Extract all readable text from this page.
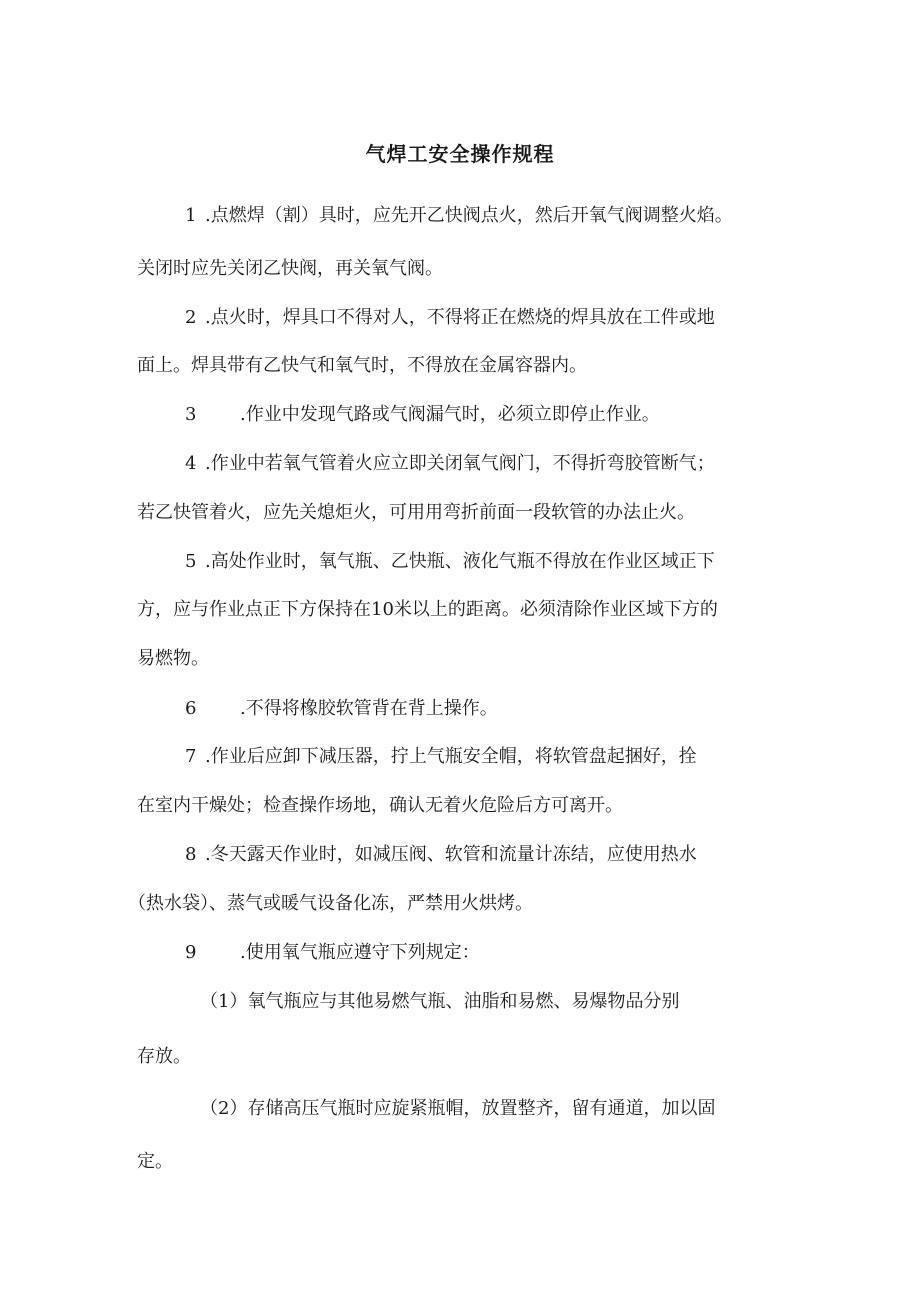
气焊工安全操作规程
1 .点燃焊（割）具时，应先开乙快阀点火，然后开氧气阀调整火焰。
关闭时应先关闭乙快阀，再关氧气阀。
2 .点火时，焊具口不得对人，不得将正在燃烧的焊具放在工件或地
面上。焊具带有乙快气和氧气时，不得放在金属容器内。
3 .作业中发现气路或气阀漏气时，必须立即停止作业。
4 .作业中若氧气管着火应立即关闭氧气阀门，不得折弯胶管断气；
若乙快管着火，应先关熄炬火，可用用弯折前面一段软管的办法止火。
5 .高处作业时，氧气瓶、乙快瓶、液化气瓶不得放在作业区域正下
方，应与作业点正下方保持在10米以上的距离。必须清除作业区域下方的
易燃物。
6 .不得将橡胶软管背在背上操作。
7 .作业后应卸下减压器，拧上气瓶安全帽，将软管盘起捆好，拴
在室内干燥处；检查操作场地，确认无着火危险后方可离开。
8 .冬天露天作业时，如减压阀、软管和流量计冻结，应使用热水
（热水袋）、蒸气或暖气设备化冻，严禁用火烘烤。
9 .使用氧气瓶应遵守下列规定：
（1）氧气瓶应与其他易燃气瓶、油脂和易燃、易爆物品分别
存放。
（2）存储高压气瓶时应旋紧瓶帽，放置整齐，留有通道，加以固
定。
